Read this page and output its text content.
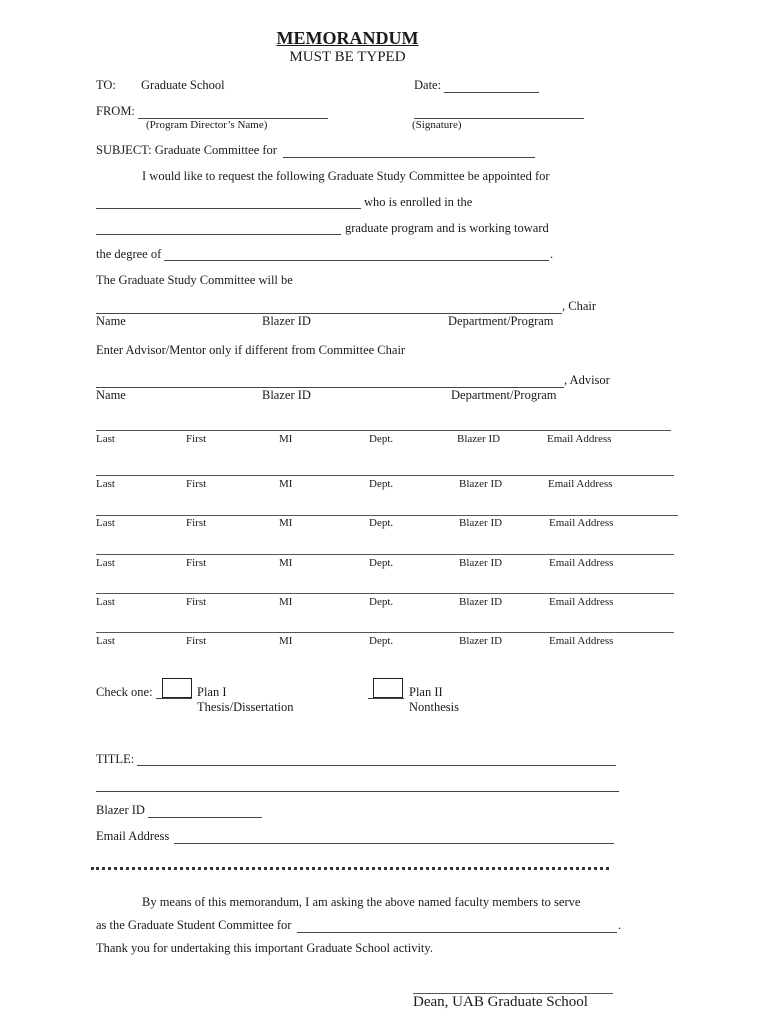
MEMORANDUM
MUST BE TYPED
TO: Graduate School	Date:
FROM:
(Program Director’s Name)	(Signature)
SUBJECT: Graduate Committee for
I would like to request the following Graduate Study Committee be appointed for
who is enrolled in the
graduate program and is working toward
the degree of	.
The Graduate Study Committee will be
, Chair
Name	Blazer ID	Department/Program
Enter Advisor/Mentor only if different from Committee Chair
, Advisor
Name	Blazer ID	Department/Program
Last	First	MI	Dept.	Blazer ID	Email Address
Last	First	MI	Dept.	Blazer ID	Email Address
Last	First	MI	Dept.	Blazer ID	Email Address
Last	First	MI	Dept.	Blazer ID	Email Address
Last	First	MI	Dept.	Blazer ID	Email Address
Last	First	MI	Dept.	Blazer ID	Email Address
Check one:	Plan I
Thesis/Dissertation
Plan II
Nonthesis
TITLE:
Blazer ID
Email Address
By means of this memorandum, I am asking the above named faculty members to serve
as the Graduate Student Committee for	.
Thank you for undertaking this important Graduate School activity.
Dean, UAB Graduate School
